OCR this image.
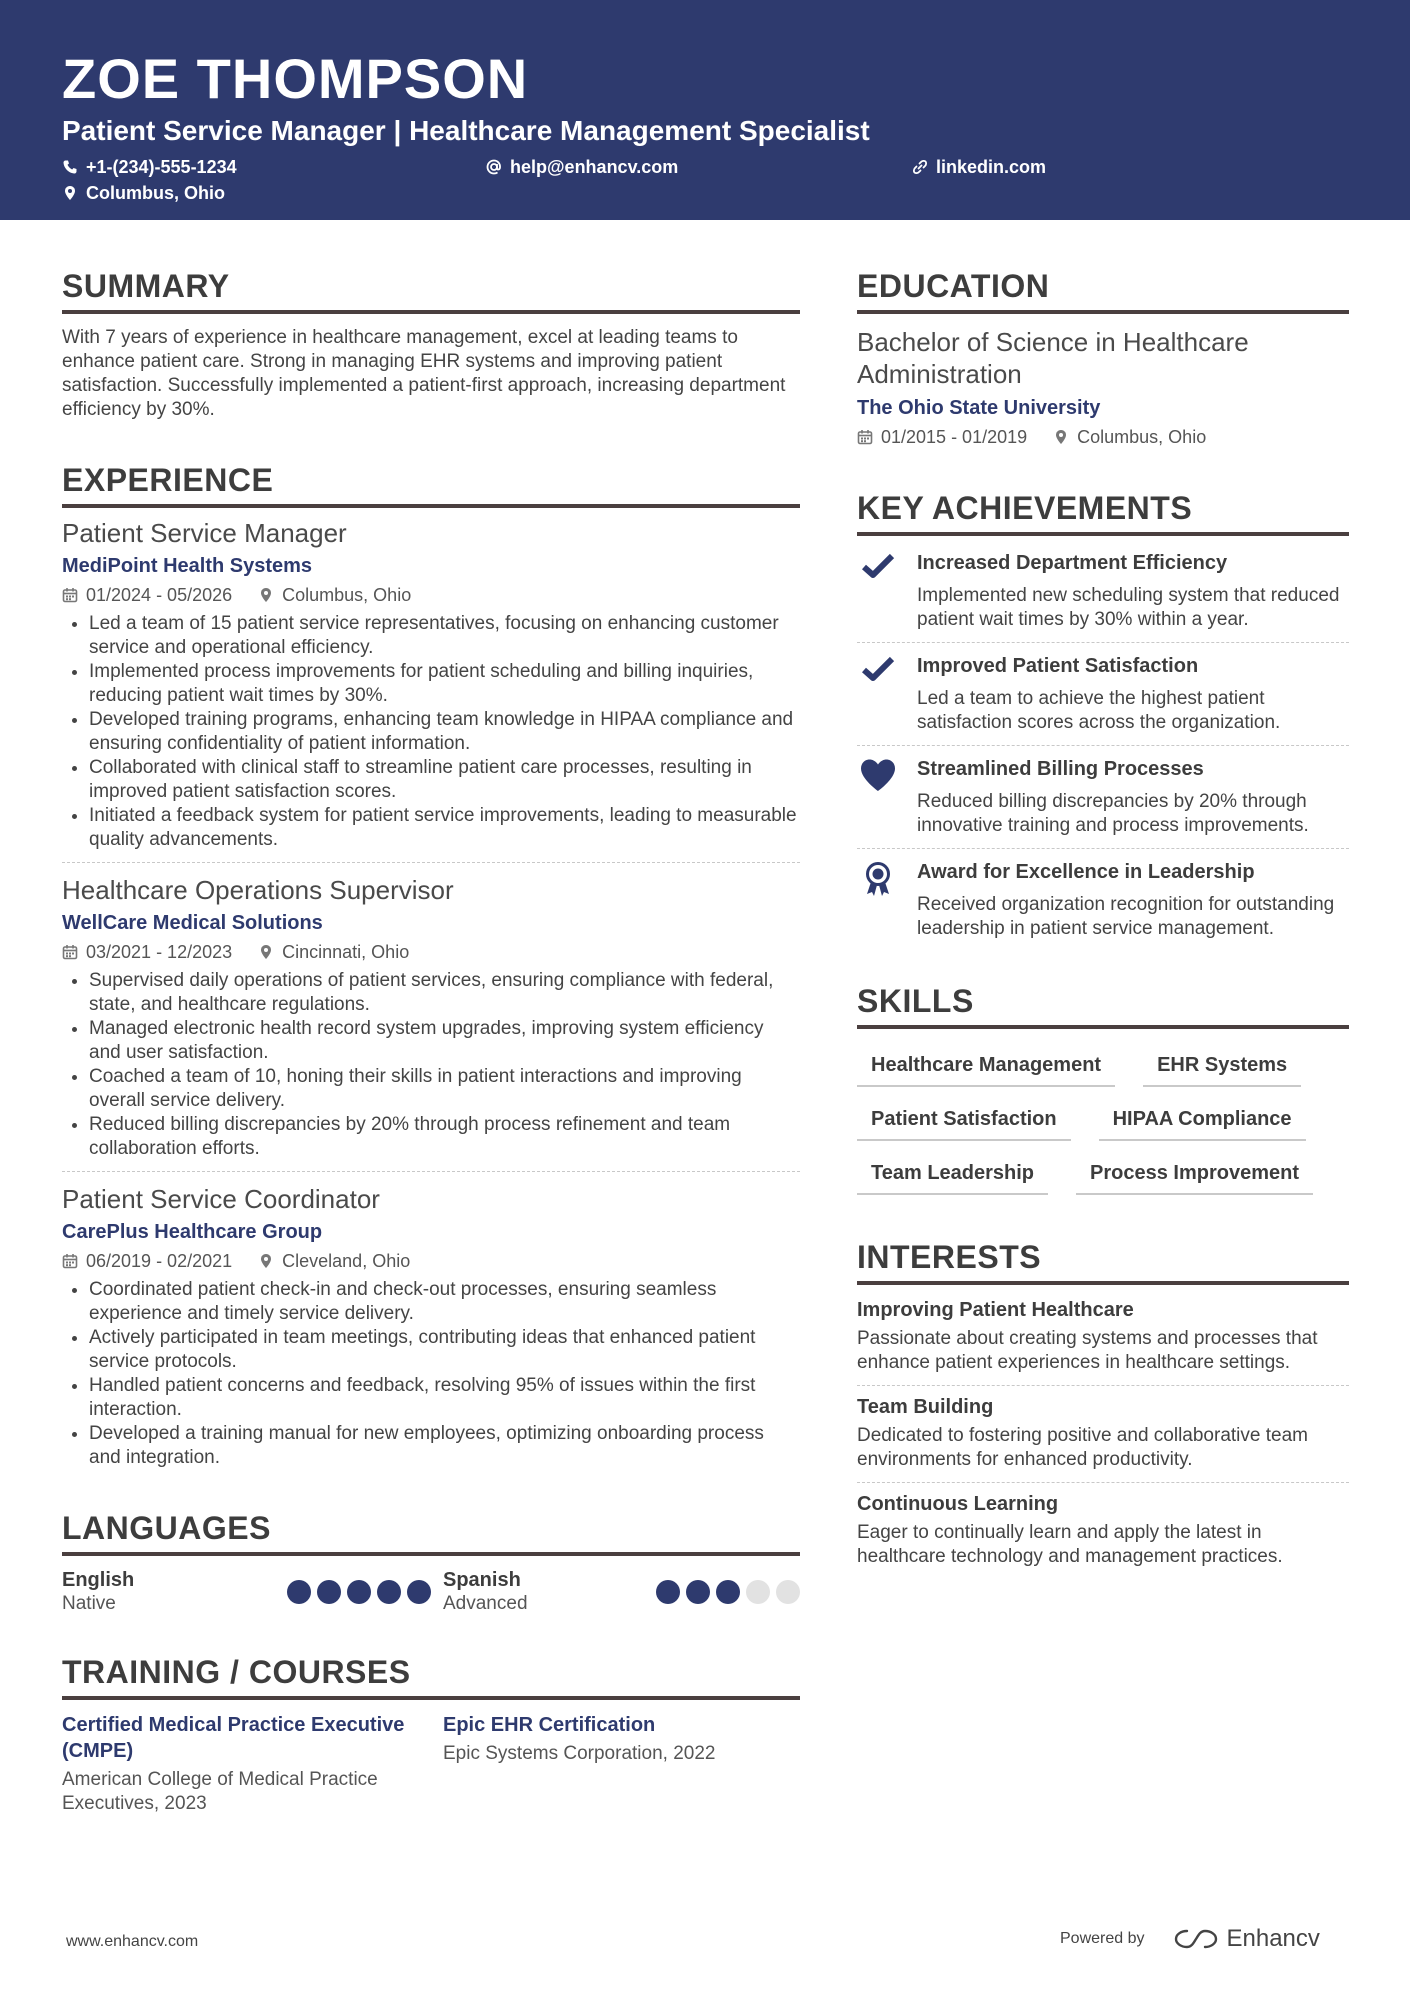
ZOE THOMPSON
Patient Service Manager | Healthcare Management Specialist
+1-(234)-555-1234	help@enhancv.com	linkedin.com
Columbus, Ohio
SUMMARY
With 7 years of experience in healthcare management, excel at leading teams to enhance patient care. Strong in managing EHR systems and improving patient satisfaction. Successfully implemented a patient-first approach, increasing department efficiency by 30%.
EXPERIENCE
Patient Service Manager
MediPoint Health Systems
01/2024 - 05/2026	Columbus, Ohio
Led a team of 15 patient service representatives, focusing on enhancing customer service and operational efficiency.
Implemented process improvements for patient scheduling and billing inquiries, reducing patient wait times by 30%.
Developed training programs, enhancing team knowledge in HIPAA compliance and ensuring confidentiality of patient information.
Collaborated with clinical staff to streamline patient care processes, resulting in improved patient satisfaction scores.
Initiated a feedback system for patient service improvements, leading to measurable quality advancements.
Healthcare Operations Supervisor
WellCare Medical Solutions
03/2021 - 12/2023	Cincinnati, Ohio
Supervised daily operations of patient services, ensuring compliance with federal, state, and healthcare regulations.
Managed electronic health record system upgrades, improving system efficiency and user satisfaction.
Coached a team of 10, honing their skills in patient interactions and improving overall service delivery.
Reduced billing discrepancies by 20% through process refinement and team collaboration efforts.
Patient Service Coordinator
CarePlus Healthcare Group
06/2019 - 02/2021	Cleveland, Ohio
Coordinated patient check-in and check-out processes, ensuring seamless experience and timely service delivery.
Actively participated in team meetings, contributing ideas that enhanced patient service protocols.
Handled patient concerns and feedback, resolving 95% of issues within the first interaction.
Developed a training manual for new employees, optimizing onboarding process and integration.
LANGUAGES
English
Native
Spanish
Advanced
TRAINING / COURSES
Certified Medical Practice Executive (CMPE)
American College of Medical Practice Executives, 2023
Epic EHR Certification
Epic Systems Corporation, 2022
EDUCATION
Bachelor of Science in Healthcare Administration
The Ohio State University
01/2015 - 01/2019	Columbus, Ohio
KEY ACHIEVEMENTS
Increased Department Efficiency
Implemented new scheduling system that reduced patient wait times by 30% within a year.
Improved Patient Satisfaction
Led a team to achieve the highest patient satisfaction scores across the organization.
Streamlined Billing Processes
Reduced billing discrepancies by 20% through innovative training and process improvements.
Award for Excellence in Leadership
Received organization recognition for outstanding leadership in patient service management.
SKILLS
Healthcare Management	EHR Systems
Patient Satisfaction	HIPAA Compliance
Team Leadership	Process Improvement
INTERESTS
Improving Patient Healthcare
Passionate about creating systems and processes that enhance patient experiences in healthcare settings.
Team Building
Dedicated to fostering positive and collaborative team environments for enhanced productivity.
Continuous Learning
Eager to continually learn and apply the latest in healthcare technology and management practices.
www.enhancv.com	Powered by	Enhancv
